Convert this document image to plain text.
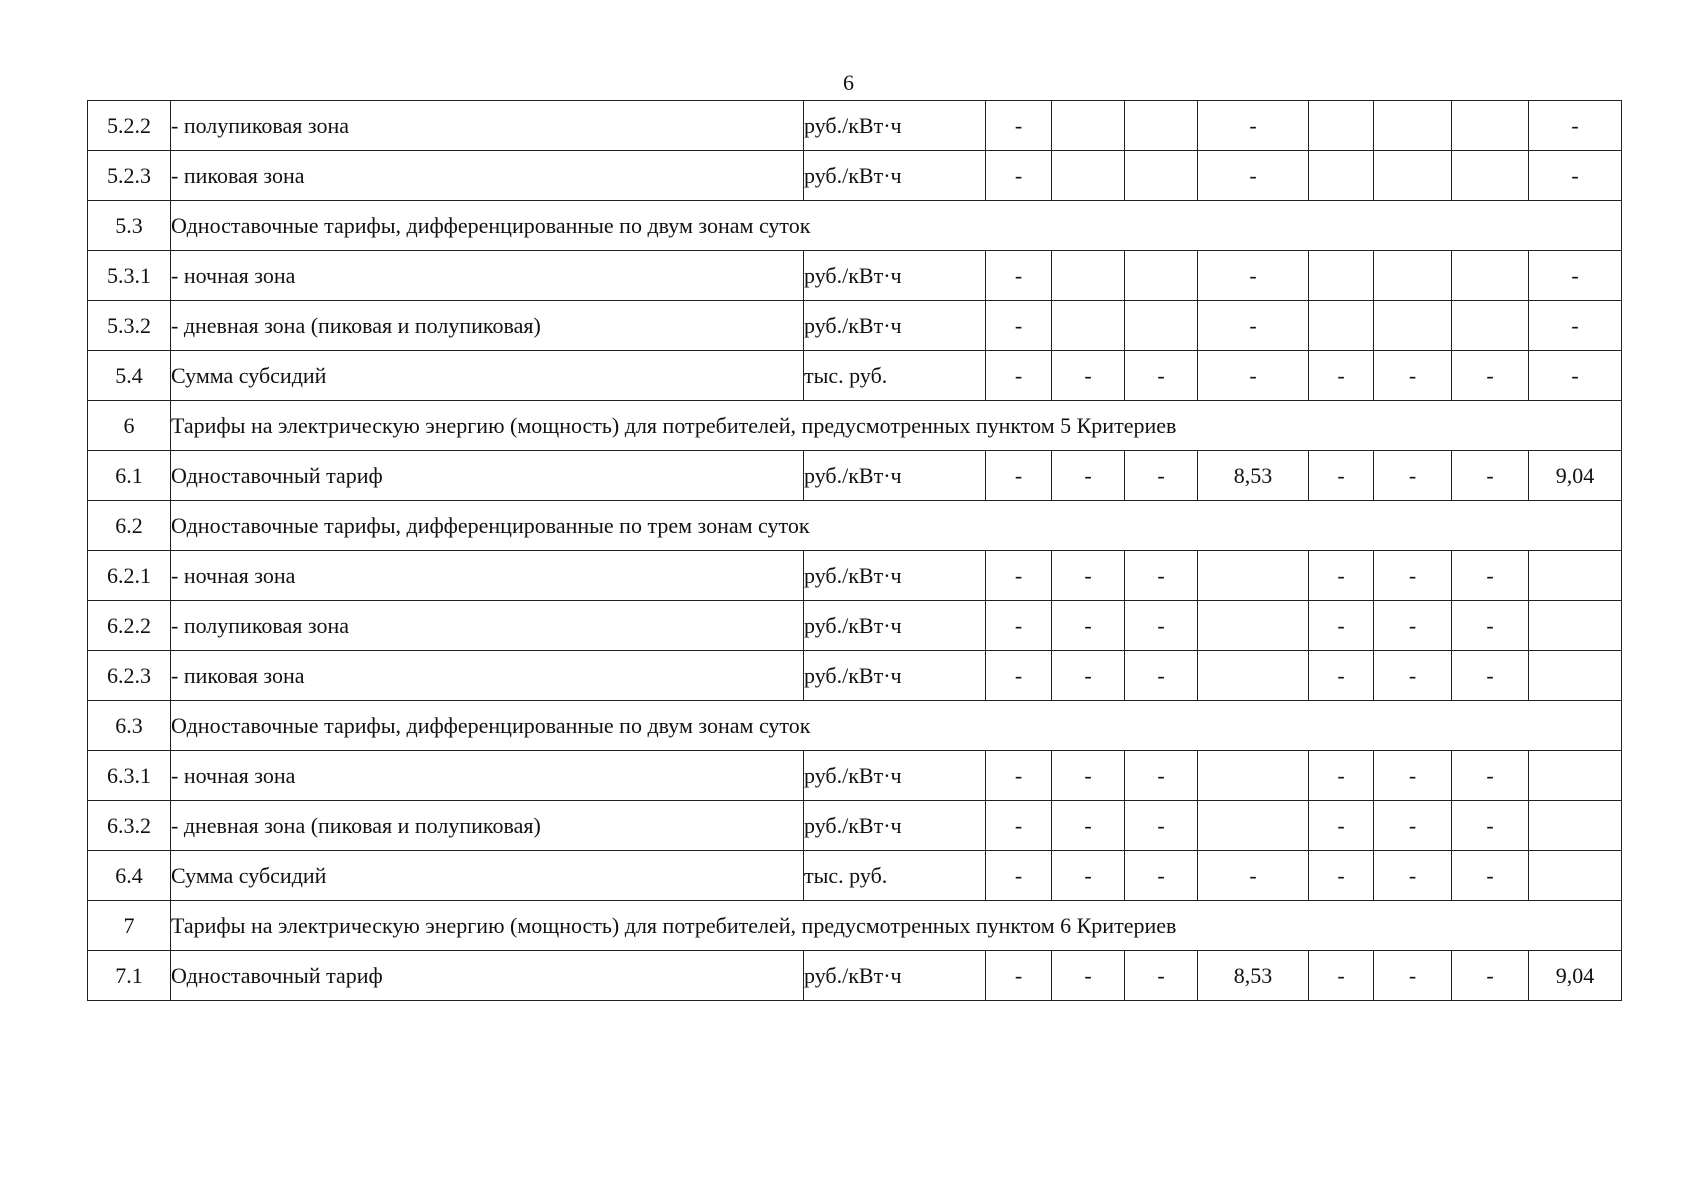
6
5.2.2	- полупиковая зона	руб./кВт·ч	-			-				-
5.2.3	- пиковая зона	руб./кВт·ч	-			-				-
5.3	Одноставочные тарифы, дифференцированные по двум зонам суток									
5.3.1	- ночная зона	руб./кВт·ч	-			-				-
5.3.2	- дневная зона (пиковая и полупиковая)	руб./кВт·ч	-			-				-
5.4	Сумма субсидий	тыс. руб.	-	-	-	-	-	-	-	-
6	Тарифы на электрическую энергию (мощность) для потребителей, предусмотренных пунктом 5 Критериев									
6.1	Одноставочный тариф	руб./кВт·ч	-	-	-	8,53	-	-	-	9,04
6.2	Одноставочные тарифы, дифференцированные по трем зонам суток									
6.2.1	- ночная зона	руб./кВт·ч	-	-	-		-	-	-	
6.2.2	- полупиковая зона	руб./кВт·ч	-	-	-		-	-	-	
6.2.3	- пиковая зона	руб./кВт·ч	-	-	-		-	-	-	
6.3	Одноставочные тарифы, дифференцированные по двум зонам суток									
6.3.1	- ночная зона	руб./кВт·ч	-	-	-		-	-	-	
6.3.2	- дневная зона (пиковая и полупиковая)	руб./кВт·ч	-	-	-		-	-	-	
6.4	Сумма субсидий	тыс. руб.	-	-	-	-	-	-	-	
7	Тарифы на электрическую энергию (мощность) для потребителей, предусмотренных пунктом 6 Критериев									
7.1	Одноставочный тариф	руб./кВт·ч	-	-	-	8,53	-	-	-	9,04
